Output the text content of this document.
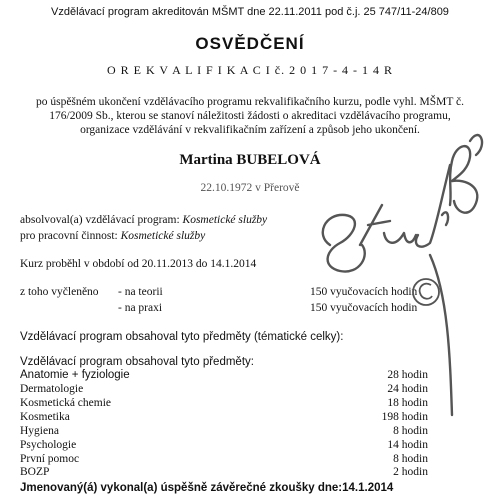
Vzdělávací program akreditován MŠMT dne 22.11.2011 pod č.j. 25 747/11-24/809
OSVĚDČENÍ
O R E K V A L I F I K A C I č. 2 0 1 7 - 4 - 1 4 R
po úspěšném ukončení vzdělávacího programu rekvalifikačního kurzu, podle vyhl. MŠMT č.
176/2009 Sb., kterou se stanoví náležitosti žádosti o akreditaci vzdělávacího programu,
organizace vzdělávání v rekvalifikačním zařízení a způsob jeho ukončení.
Martina BUBELOVÁ
22.10.1972 v Přerově
absolvoval(a) vzdělávací program: Kosmetické služby
pro pracovní činnost: Kosmetické služby
Kurz proběhl v období od 20.11.2013 do 14.1.2014
z toho vyčleněno - na teorii	150 vyučovacích hodin
- na praxi	150 vyučovacích hodin
Vzdělávací program obsahoval tyto předměty (tématické celky):
Vzdělávací program obsahoval tyto předměty:
Anatomie + fyziologie	28 hodin
Dermatologie	24 hodin
Kosmetická chemie	18 hodin
Kosmetika	198 hodin
Hygiena	8 hodin
Psychologie	14 hodin
První pomoc	8 hodin
BOZP	2 hodin
Jmenovaný(á) vykonal(a) úspěšně závěrečné zkoušky dne:14.1.2014
